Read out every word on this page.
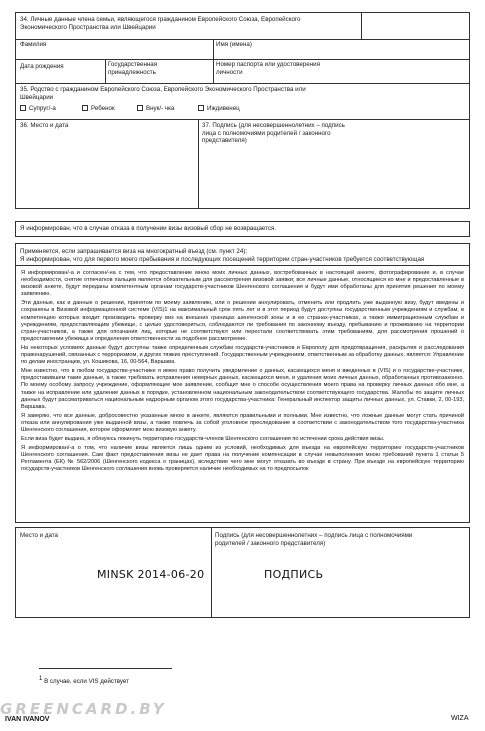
34. Личные данные члена семьи, являющегося гражданином Европейского Союза, Европейского Экономического Пространства или Швейцарии
Фамилия	Имя (имена)
Дата рождения	Государственная принадлежность
Номер паспорта или удостоверения личности
35. Родство с гражданином Европейского Союза, Европейского Экономического Пространства или Швейцарии
Супруг/-а	Ребенок	Внук/- чка	Иждивенец
36. Место и дата	37. Подпись (для несовершеннолетних – подпись лица с полномочиями родителей / законного представителя)
Я информирован, что в случае отказа в получении визы визовый сбор не возвращается.
Применяется, если запрашивается виза на многократный въезд (см. пункт 24):
Я информирован, что для первого моего пребывания и последующих посещений территории стран-участников требуется соответствующая

Я информирован/-а и согласен/-на с тем, что предоставление мною моих личных данных, востребованных в настоящей анкете, фотографирование и, в случае необходимости, снятие отпечатков пальцев является обязательным для рассмотрения визовой заявки; все личные данные, относящиеся ко мне и предоставленные в визовой анкете, будут переданы компетентным органам государств-участников Шенгенского соглашения и будут ими обработаны для принятия решения по моему заявлению.

Эти данные, как и данные о решении, принятом по моему заявлению, или о решении аннулировать, отменить или продлить уже выданную визу, будут введены и сохранены в Визовой информационной системе (VIS)1 на максимальный срок пять лет и в этот период будут доступны государственным учреждениям и службам, в компетенцию которых входит производить проверку виз на внешних границах шенгенской зоны и в ее странах-участниках, а также иммиграционным службам и учреждениям, предоставляющим убежище, с целью удостовериться, соблюдаются ли требования по законному въезду, пребыванию и проживанию на территории стран-участников, а также для опознания лиц, которые не соответствуют или перестали соответствовать этим требованиям, для рассмотрения прошений о предоставлении убежища и определения ответственности за подобное рассмотрение.

На некоторых условиях данные будут доступны также определенным службам государств-участников и Европолу для предотвращения, раскрытия и расследования правонарушений, связанных с терроризмом, и других тяжких преступлений. Государственным учреждением, ответственным за обработку данных, является: Управление по делам иностранцев, ул. Кошикова, 16, 00-564, Варшава.

Мне известно, что в любом государстве-участнике я имею право получить уведомление о данных, касающихся меня и введенных в (VIS) и о государстве-участнике, предоставившем такие данные, а также требовать исправления неверных данных, касающихся меня, и удаления моих личных данных, обработанных противозаконно. По моему особому запросу учреждение, оформляющее мое заявление, сообщит мне о способе осуществления моего права на проверку личных данных обо мне, а также на исправление или удаление данных в порядке, установленном национальным законодательством соответствующего государства. Жалобы по защите личных данных будут рассматриваться национальным надзорным органом этого государства-участника: Генеральный инспектор защиты личных данных, ул. Ставки, 2, 00-193, Варшава.

Я заверяю, что все данные, добросовестно указанные мною в анкете, являются правильными и полными. Мне известно, что ложные данные могут стать причиной отказа или аннулирования уже выданной визы, а также повлечь за собой уголовное преследование в соответствии с законодательством того государства-участника Шенгенского соглашения, которое оформляет мою визовую анкету.

Если виза будет выдана, я обязуюсь покинуть территорию государств-членов Шенгенского соглашения по истечении срока действия визы.

Я информирован/-а о том, что наличие визы является лишь одним из условий, необходимых для въезда на европейскую территорию государств-участников Шенгенского соглашения. Сам факт предоставления визы не дает права на получение компенсации в случае невыполнения мною требований пункта 1 статьи 5 Регламента (ЕК) № 562/2006 (Шенгенского кодекса о границах), вследствие чего мне могут отказать во въезде в страну. При въезде на европейскую территорию государств-участников Шенгенского соглашения вновь проверяется наличие необходимых на то предпосылок

Место и дата	Подпись (для несовершеннолетних – подпись лица с полномочиями родителей / законного представителя)
MINSK 2014-06-20	ПОДПИСЬ
$^1$ В случае, если VIS действует
GREENCARD.BY
IVAN IVANOV	WIZA
